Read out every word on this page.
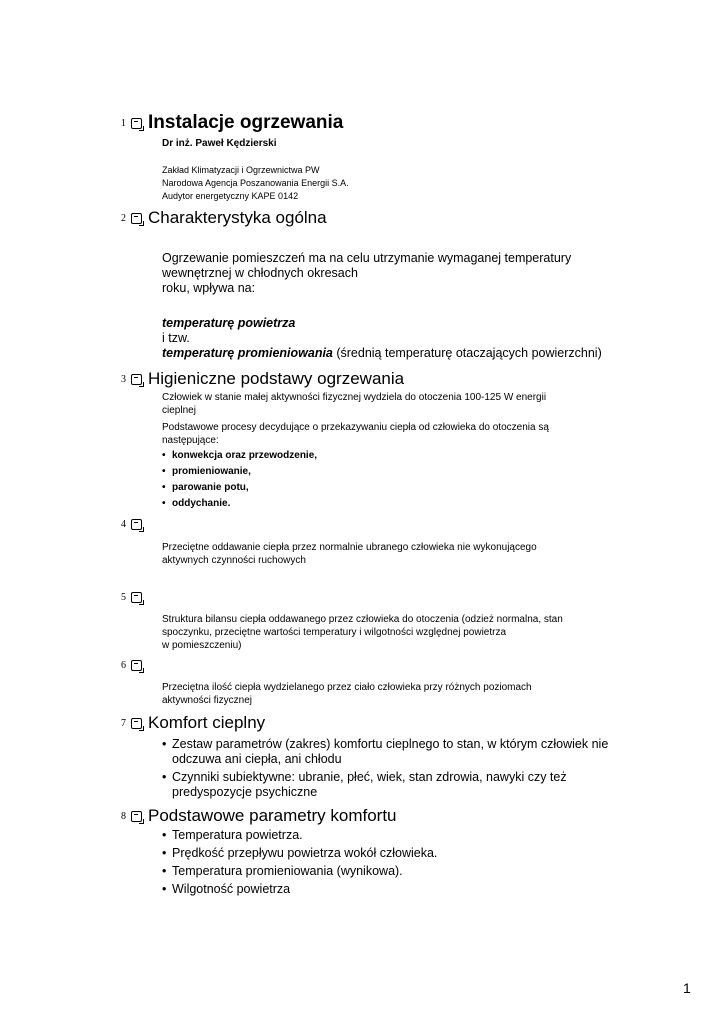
1 Instalacje ogrzewania
Dr inż. Paweł Kędzierski
Zakład Klimatyzacji i Ogrzewnictwa PW
Narodowa Agencja Poszanowania Energii S.A.
Audytor energetyczny KAPE 0142
2 Charakterystyka ogólna
Ogrzewanie pomieszczeń ma na celu utrzymanie wymaganej temperatury
wewnętrznej w chłodnych okresach
roku, wpływa na:
temperaturę powietrza
i tzw.
temperaturę promieniowania (średnią temperaturę otaczających powierzchni)
3 Higieniczne podstawy ogrzewania
Człowiek w stanie małej aktywności fizycznej wydziela do otoczenia 100-125 W energii
cieplnej
Podstawowe procesy decydujące o przekazywaniu ciepła od człowieka do otoczenia są
następujące:
• konwekcja oraz przewodzenie,
• promieniowanie,
• parowanie potu,
• oddychanie.
4
Przeciętne oddawanie ciepła przez normalnie ubranego człowieka nie wykonującego
aktywnych czynności ruchowych
5
Struktura bilansu ciepła oddawanego przez człowieka do otoczenia (odzież normalna, stan
spoczynku, przeciętne wartości temperatury i wilgotności względnej powietrza
w pomieszczeniu)
6
Przeciętna ilość ciepła wydzielanego przez ciało człowieka przy różnych poziomach
aktywności fizycznej
7 Komfort cieplny
• Zestaw parametrów (zakres) komfortu cieplnego to stan, w którym człowiek nie
odczuwa ani ciepła, ani chłodu
• Czynniki subiektywne: ubranie, płeć, wiek, stan zdrowia, nawyki czy też
predyspozycje psychiczne
8 Podstawowe parametry komfortu
• Temperatura powietrza.
• Prędkość przepływu powietrza wokół człowieka.
• Temperatura promieniowania (wynikowa).
• Wilgotność powietrza
1
